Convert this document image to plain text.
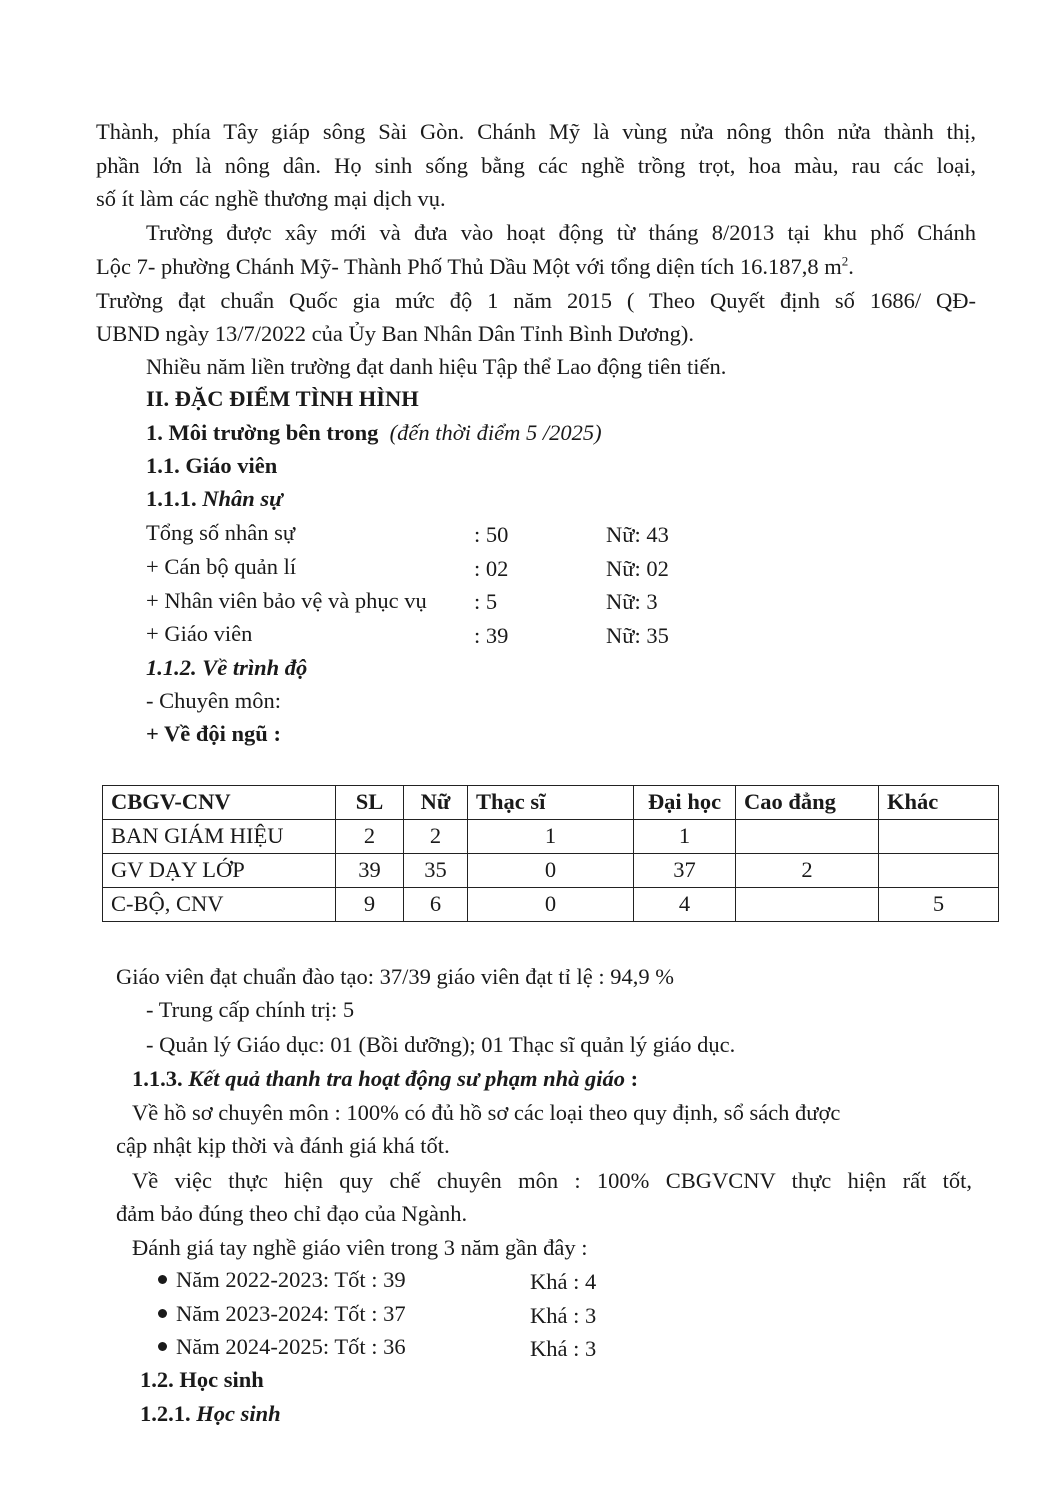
Thành, phía Tây giáp sông Sài Gòn. Chánh Mỹ là vùng nửa nông thôn nửa thành thị,
phần lớn là nông dân. Họ sinh sống bằng các nghề trồng trọt, hoa màu, rau các loại,
số ít làm các nghề thương mại dịch vụ.
Trường được xây mới và đưa vào hoạt động từ tháng 8/2013 tại khu phố Chánh
Lộc 7- phường Chánh Mỹ- Thành Phố Thủ Dầu Một với tổng diện tích 16.187,8 $m^2$.
Trường đạt chuẩn Quốc gia mức độ 1 năm 2015 ( Theo Quyết định số 1686/ QĐ-
UBND ngày 13/7/2022 của Ủy Ban Nhân Dân Tỉnh Bình Dương).
Nhiều năm liền trường đạt danh hiệu Tập thể Lao động tiên tiến.
II. ĐẶC ĐIỂM TÌNH HÌNH
1. Môi trường bên trong (đến thời điểm 5 /2025)
1.1. Giáo viên
1.1.1. Nhân sự
Tổng số nhân sự	: 50	Nữ: 43
+ Cán bộ quản lí	: 02	Nữ: 02
+ Nhân viên bảo vệ và phục vụ : 5	Nữ: 3
+ Giáo viên	: 39	Nữ: 35
1.1.2. Về trình độ
- Chuyên môn:
+ Về đội ngũ :
CBGV-CNV	SL	Nữ	Thạc sĩ	Đại học	Cao đẳng	Khác
BAN GIÁM HIỆU	2	2	1	1		
GV DẠY LỚP	39	35	0	37	2	
C-BỘ, CNV	9	6	0	4		5
Giáo viên đạt chuẩn đào tạo: 37/39 giáo viên đạt tỉ lệ : 94,9 %
- Trung cấp chính trị: 5
- Quản lý Giáo dục: 01 (Bồi dưỡng); 01 Thạc sĩ quản lý giáo dục.
1.1.3. Kết quả thanh tra hoạt động sư phạm nhà giáo :
Về hồ sơ chuyên môn : 100% có đủ hồ sơ các loại theo quy định, sổ sách được
cập nhật kịp thời và đánh giá khá tốt.
Về việc thực hiện quy chế chuyên môn : 100% CBGVCNV thực hiện rất tốt,
đảm bảo đúng theo chỉ đạo của Ngành.
Đánh giá tay nghề giáo viên trong 3 năm gần đây :
Năm 2022-2023: Tốt : 39	Khá : 4
Năm 2023-2024: Tốt : 37	Khá : 3
Năm 2024-2025: Tốt : 36	Khá : 3
1.2. Học sinh
1.2.1. Học sinh
